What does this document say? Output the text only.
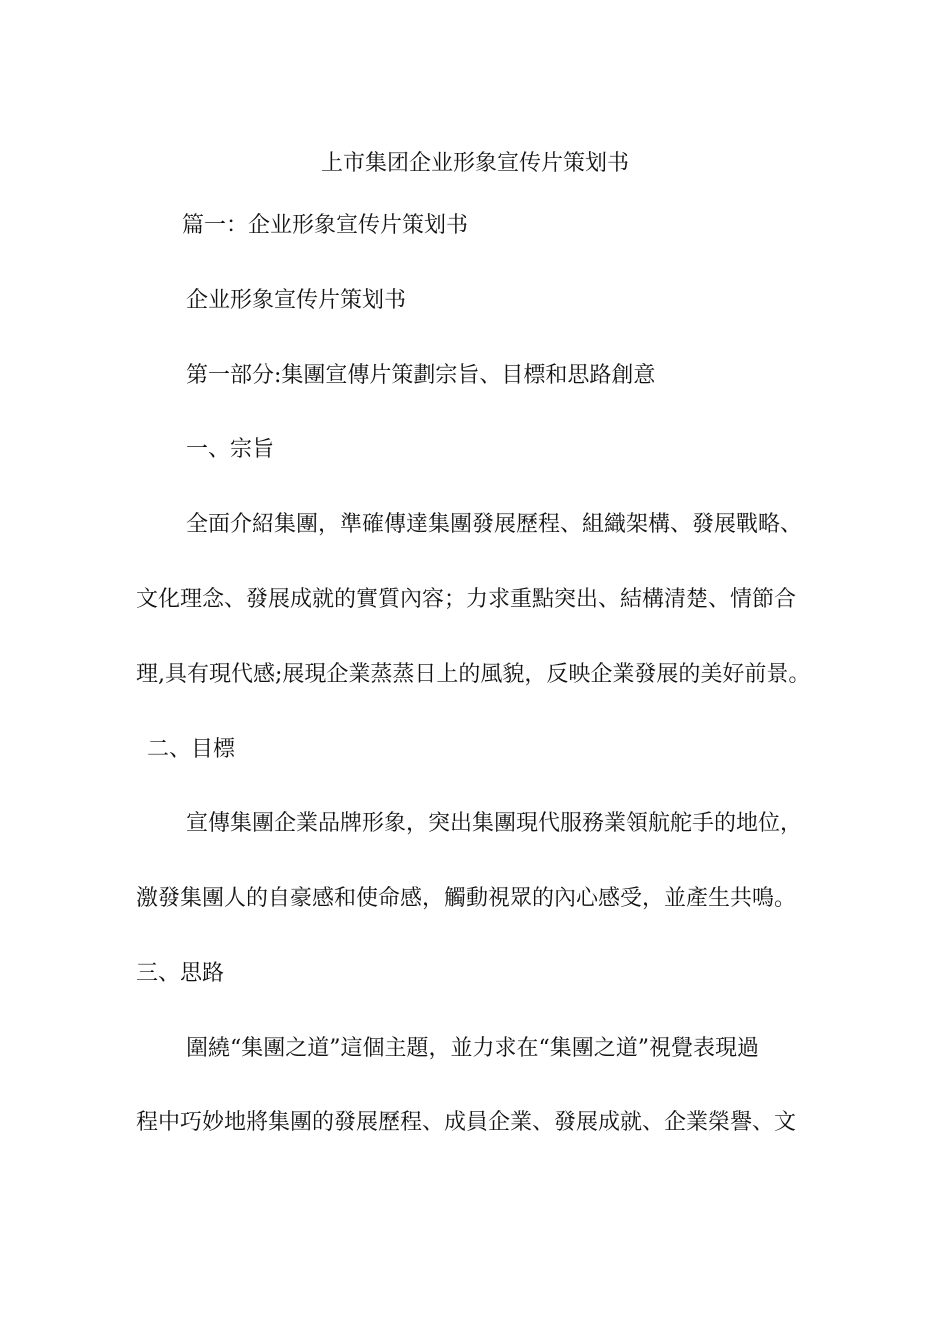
上市集团企业形象宣传片策划书
篇一：企业形象宣传片策划书
企业形象宣传片策划书
第一部分:集團宣傳片策劃宗旨、目標和思路創意
一、宗旨
全面介紹集團，準確傳達集團發展歷程、組織架構、發展戰略、
文化理念、發展成就的實質內容；力求重點突出、結構清楚、情節合
理,具有現代感;展現企業蒸蒸日上的風貌，反映企業發展的美好前景。
二、目標
宣傳集團企業品牌形象，突出集團現代服務業領航舵手的地位，
激發集團人的自豪感和使命感，觸動視眾的內心感受，並產生共鳴。
三、思路
圍繞“集團之道”這個主題，並力求在“集團之道”視覺表現過
程中巧妙地將集團的發展歷程、成員企業、發展成就、企業榮譽、文
